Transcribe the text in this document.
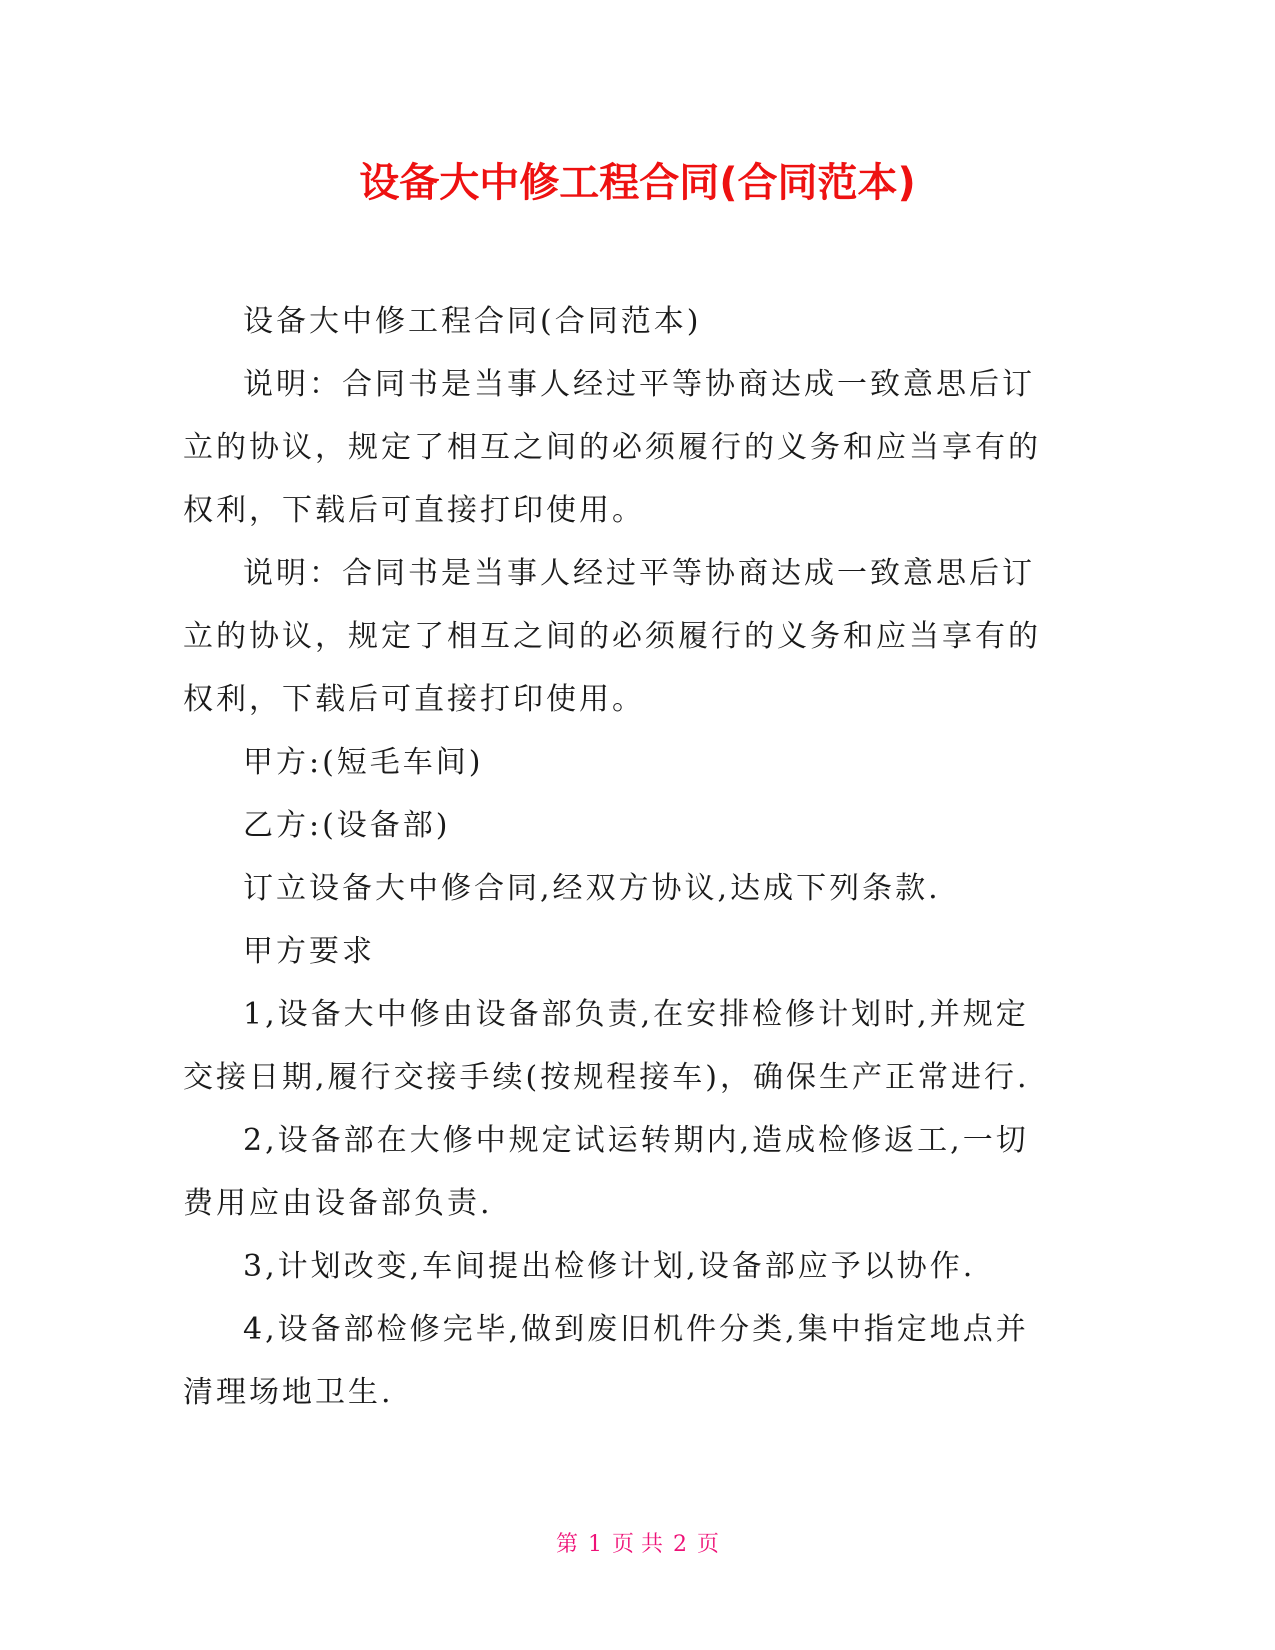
设备大中修工程合同(合同范本)

设备大中修工程合同(合同范本)

说明：合同书是当事人经过平等协商达成一致意思后订立的协议，规定了相互之间的必须履行的义务和应当享有的权利，下载后可直接打印使用。

说明：合同书是当事人经过平等协商达成一致意思后订立的协议，规定了相互之间的必须履行的义务和应当享有的权利，下载后可直接打印使用。

甲方:(短毛车间)

乙方:(设备部)

订立设备大中修合同,经双方协议,达成下列条款.

甲方要求

1,设备大中修由设备部负责,在安排检修计划时,并规定交接日期,履行交接手续(按规程接车)，确保生产正常进行.

2,设备部在大修中规定试运转期内,造成检修返工,一切费用应由设备部负责.

3,计划改变,车间提出检修计划,设备部应予以协作.

4,设备部检修完毕,做到废旧机件分类,集中指定地点并清理场地卫生.

第 1 页 共 2 页
